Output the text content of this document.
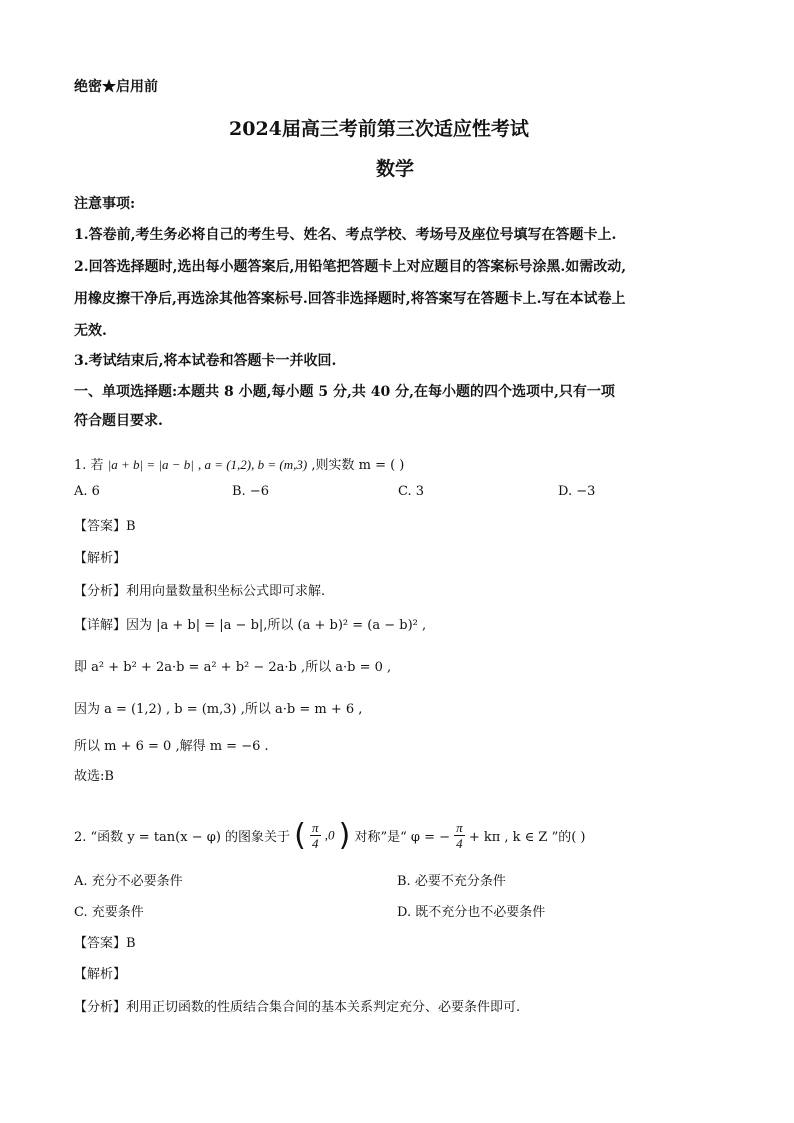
绝密★启用前
2024届高三考前第三次适应性考试
数学
注意事项:
1.答卷前,考生务必将自己的考生号、姓名、考点学校、考场号及座位号填写在答题卡上.
2.回答选择题时,选出每小题答案后,用铅笔把答题卡上对应题目的答案标号涂黑.如需改动,
用橡皮擦干净后,再选涂其他答案标号.回答非选择题时,将答案写在答题卡上.写在本试卷上
无效.
3.考试结束后,将本试卷和答题卡一并收回.
一、单项选择题:本题共 8 小题,每小题 5 分,共 40 分,在每小题的四个选项中,只有一项
符合题目要求.
1. 若 |a + b| = |a − b| , a = (1,2), b = (m,3) ,则实数 m = ( )
A. 6	B. −6	C. 3	D. −3
【答案】B
【解析】
【分析】利用向量数量积坐标公式即可求解.
【详解】因为 |a + b| = |a − b|,所以 (a + b)² = (a − b)² ,
即 a² + b² + 2a·b = a² + b² − 2a·b ,所以 a·b = 0 ,
因为 a = (1,2) , b = (m,3) ,所以 a·b = m + 6 ,
所以 m + 6 = 0 ,解得 m = −6 .
故选:B
2. “函数 y = tan(x − φ) 的图象关于 ( $\frac{\pi}{4} ,0$ ) 对称”是“ φ = − $\frac{\pi}{4} + k\pi$ , k ∈ Z ”的( )
A. 充分不必要条件	B. 必要不充分条件
C. 充要条件	D. 既不充分也不必要条件
【答案】B
【解析】
【分析】利用正切函数的性质结合集合间的基本关系判定充分、必要条件即可.
